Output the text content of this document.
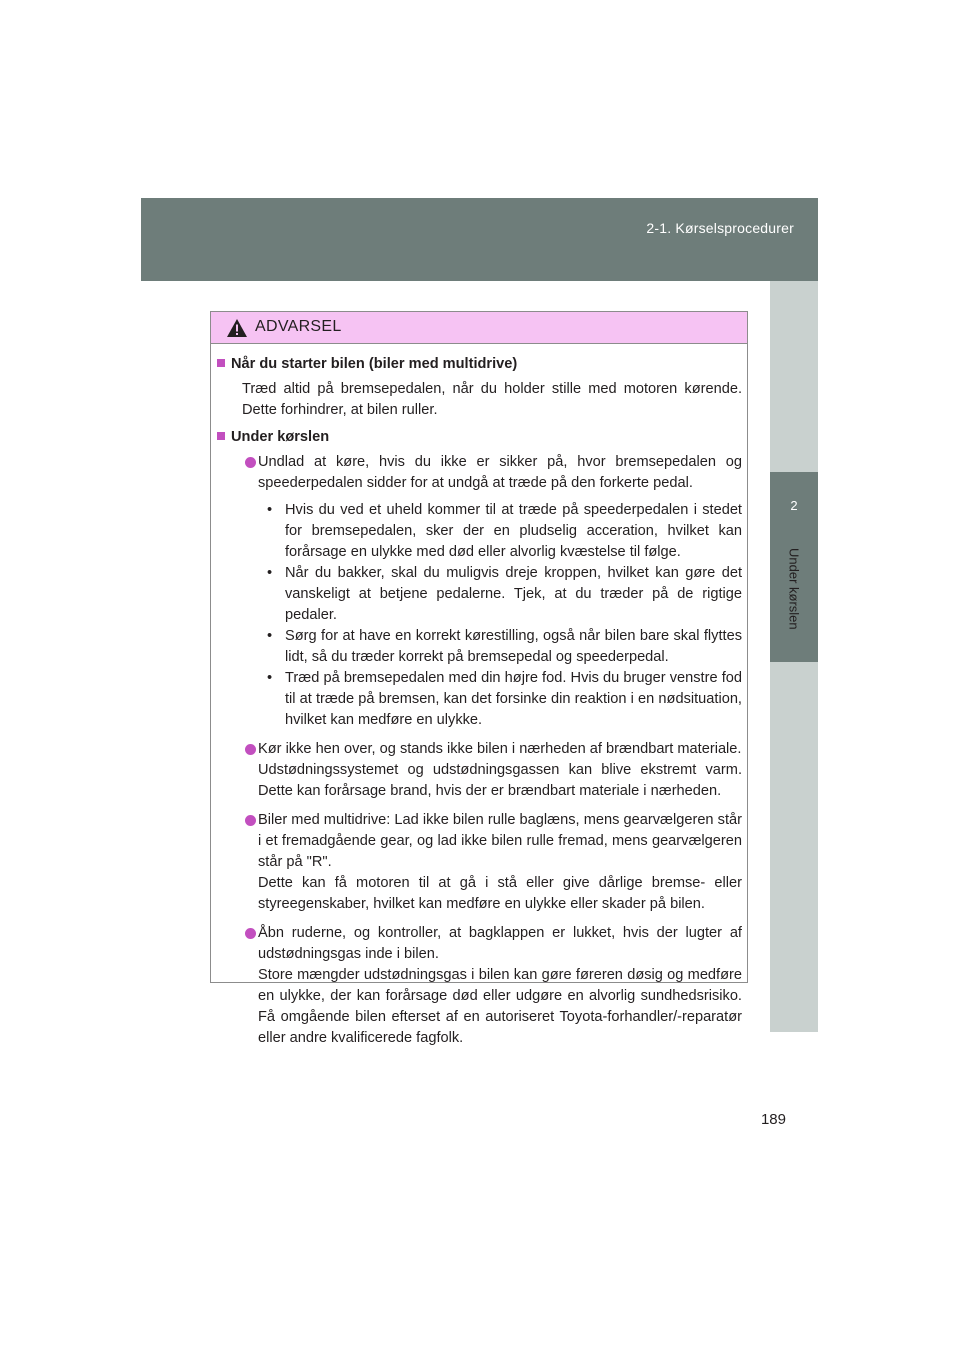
2-1. Kørselsprocedurer
2
Under kørslen
ADVARSEL
Når du starter bilen (biler med multidrive)
Træd altid på bremsepedalen, når du holder stille med motoren kørende. Dette forhindrer, at bilen ruller.
Under kørslen
Undlad at køre, hvis du ikke er sikker på, hvor bremsepedalen og speederpedalen sidder for at undgå at træde på den forkerte pedal.
• Hvis du ved et uheld kommer til at træde på speederpedalen i stedet for bremsepedalen, sker der en pludselig acceration, hvilket kan forårsage en ulykke med død eller alvorlig kvæstelse til følge.
• Når du bakker, skal du muligvis dreje kroppen, hvilket kan gøre det vanskeligt at betjene pedalerne. Tjek, at du træder på de rigtige pedaler.
• Sørg for at have en korrekt kørestilling, også når bilen bare skal flyttes lidt, så du træder korrekt på bremsepedal og speederpedal.
• Træd på bremsepedalen med din højre fod. Hvis du bruger venstre fod til at træde på bremsen, kan det forsinke din reaktion i en nødsituation, hvilket kan medføre en ulykke.
Kør ikke hen over, og stands ikke bilen i nærheden af brændbart materiale.
Udstødningssystemet og udstødningsgassen kan blive ekstremt varm. Dette kan forårsage brand, hvis der er brændbart materiale i nærheden.
Biler med multidrive: Lad ikke bilen rulle baglæns, mens gearvælgeren står i et fremadgående gear, og lad ikke bilen rulle fremad, mens gearvælgeren står på "R".
Dette kan få motoren til at gå i stå eller give dårlige bremse- eller styreegenskaber, hvilket kan medføre en ulykke eller skader på bilen.
Åbn ruderne, og kontroller, at bagklappen er lukket, hvis der lugter af udstødningsgas inde i bilen.
Store mængder udstødningsgas i bilen kan gøre føreren døsig og medføre en ulykke, der kan forårsage død eller udgøre en alvorlig sundhedsrisiko. Få omgående bilen efterset af en autoriseret Toyota-forhandler/-reparatør eller andre kvalificerede fagfolk.
189
